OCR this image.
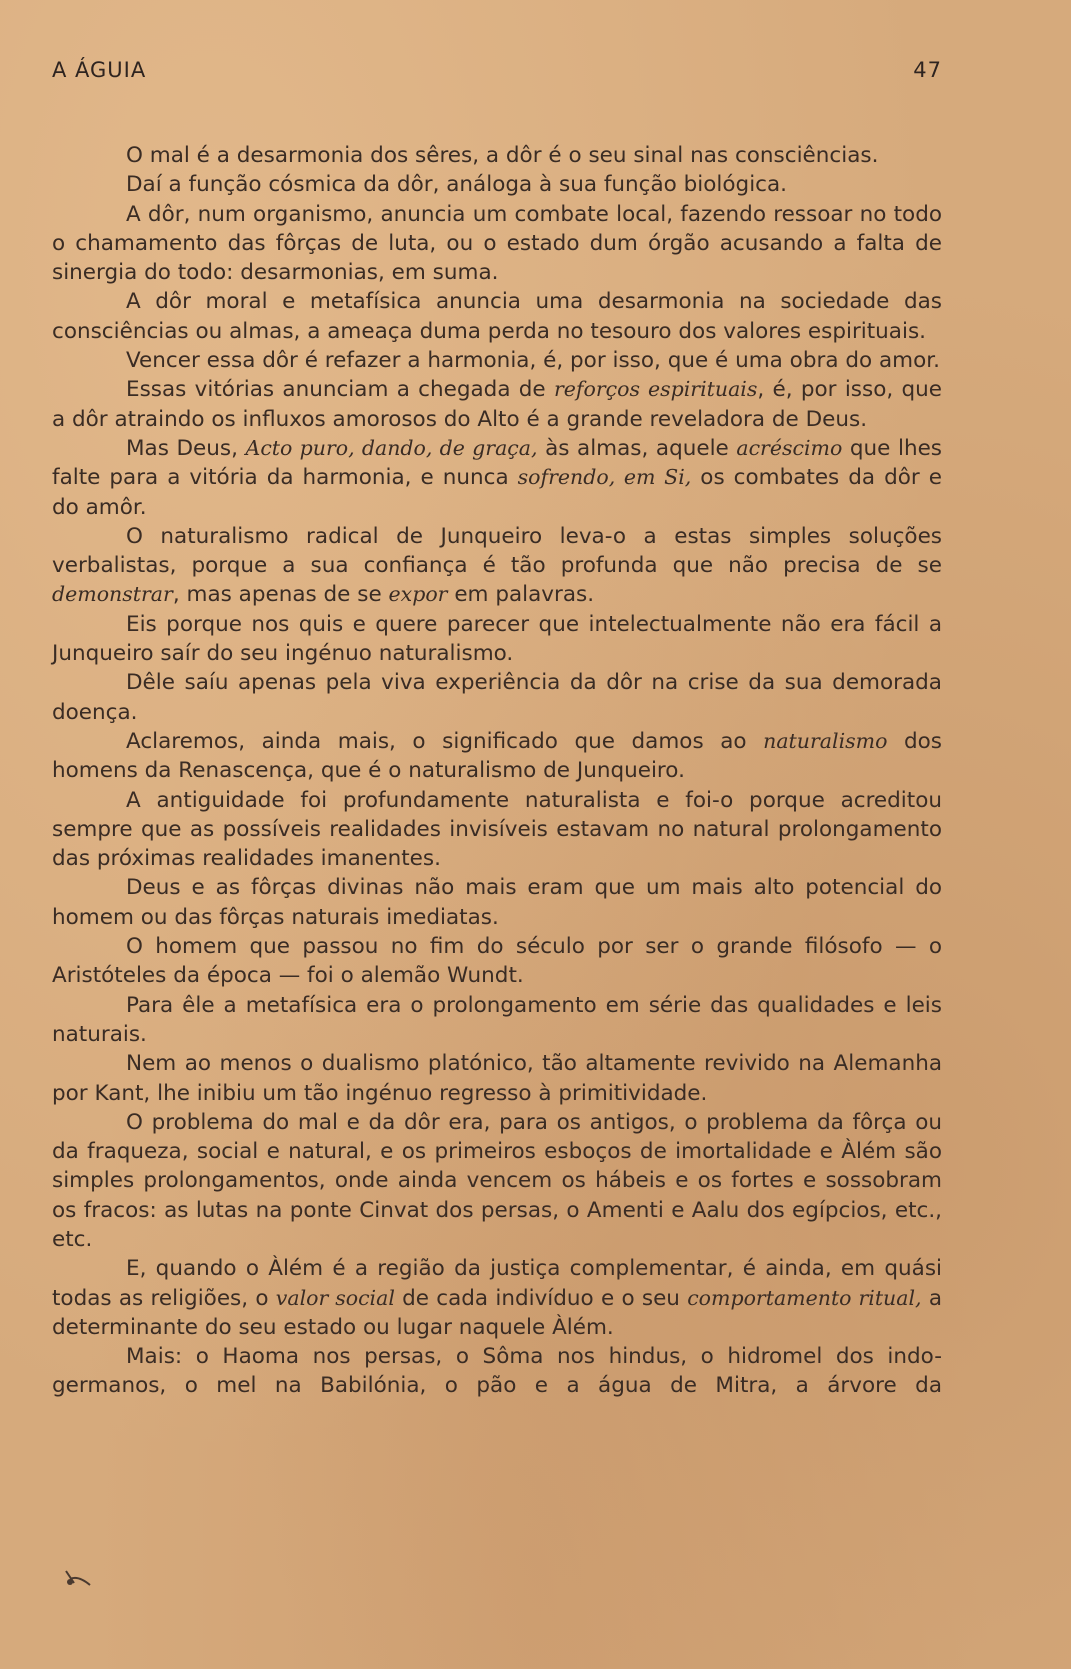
A ÁGUIA	47

O mal é a desarmonia dos sêres, a dôr é o seu sinal nas consciências.

Daí a função cósmica da dôr, análoga à sua função biológica.

A dôr, num organismo, anuncia um combate local, fazendo ressoar no todo o chamamento das fôrças de luta, ou o estado dum órgão acusando a falta de sinergia do todo: desarmonias, em suma.

A dôr moral e metafísica anuncia uma desarmonia na sociedade das consciências ou almas, a ameaça duma perda no tesouro dos valores espirituais.

Vencer essa dôr é refazer a harmonia, é, por isso, que é uma obra do amor.

Essas vitórias anunciam a chegada de reforços espirituais, é, por isso, que a dôr atraindo os influxos amorosos do Alto é a grande reveladora de Deus.

Mas Deus, Acto puro, dando, de graça, às almas, aquele acréscimo que lhes falte para a vitória da harmonia, e nunca sofrendo, em Si, os combates da dôr e do amôr.

O naturalismo radical de Junqueiro leva-o a estas simples soluções verbalistas, porque a sua confiança é tão profunda que não precisa de se demonstrar, mas apenas de se expor em palavras.

Eis porque nos quis e quere parecer que intelectualmente não era fácil a Junqueiro saír do seu ingénuo naturalismo.

Dêle saíu apenas pela viva experiência da dôr na crise da sua demorada doença.

Aclaremos, ainda mais, o significado que damos ao naturalismo dos homens da Renascença, que é o naturalismo de Junqueiro.

A antiguidade foi profundamente naturalista e foi-o porque acreditou sempre que as possíveis realidades invisíveis estavam no natural prolongamento das próximas realidades imanentes.

Deus e as fôrças divinas não mais eram que um mais alto potencial do homem ou das fôrças naturais imediatas.

O homem que passou no fim do século por ser o grande filósofo — o Aristóteles da época — foi o alemão Wundt.

Para êle a metafísica era o prolongamento em série das qualidades e leis naturais.

Nem ao menos o dualismo platónico, tão altamente revivido na Alemanha por Kant, lhe inibiu um tão ingénuo regresso à primitividade.

O problema do mal e da dôr era, para os antigos, o problema da fôrça ou da fraqueza, social e natural, e os primeiros esboços de imortalidade e Àlém são simples prolongamentos, onde ainda vencem os hábeis e os fortes e sossobram os fracos: as lutas na ponte Cinvat dos persas, o Amenti e Aalu dos egípcios, etc., etc.

E, quando o Àlém é a região da justiça complementar, é ainda, em quási todas as religiões, o valor social de cada indivíduo e o seu comportamento ritual, a determinante do seu estado ou lugar naquele Àlém.

Mais: o Haoma nos persas, o Sôma nos hindus, o hidromel dos indo-germanos, o mel na Babilónia, o pão e a água de Mitra, a árvore da
